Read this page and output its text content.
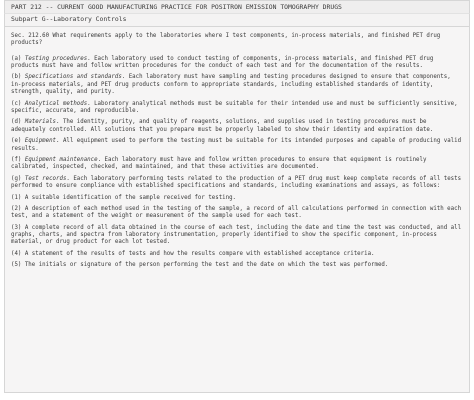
PART 212 -- CURRENT GOOD MANUFACTURING PRACTICE FOR POSITRON EMISSION TOMOGRAPHY DRUGS
Subpart G--Laboratory Controls

Sec. 212.60 What requirements apply to the laboratories where I test components, in-process materials, and finished PET drug products?

(a) Testing procedures. Each laboratory used to conduct testing of components, in-process materials, and finished PET drug products must have and follow written procedures for the conduct of each test and for the documentation of the results.

(b) Specifications and standards. Each laboratory must have sampling and testing procedures designed to ensure that components, in-process materials, and PET drug products conform to appropriate standards, including established standards of identity, strength, quality, and purity.

(c) Analytical methods. Laboratory analytical methods must be suitable for their intended use and must be sufficiently sensitive, specific, accurate, and reproducible.

(d) Materials. The identity, purity, and quality of reagents, solutions, and supplies used in testing procedures must be adequately controlled. All solutions that you prepare must be properly labeled to show their identity and expiration date.

(e) Equipment. All equipment used to perform the testing must be suitable for its intended purposes and capable of producing valid results.

(f) Equipment maintenance. Each laboratory must have and follow written procedures to ensure that equipment is routinely calibrated, inspected, checked, and maintained, and that these activities are documented.

(g) Test records. Each laboratory performing tests related to the production of a PET drug must keep complete records of all tests performed to ensure compliance with established specifications and standards, including examinations and assays, as follows:

(1) A suitable identification of the sample received for testing.

(2) A description of each method used in the testing of the sample, a record of all calculations performed in connection with each test, and a statement of the weight or measurement of the sample used for each test.

(3) A complete record of all data obtained in the course of each test, including the date and time the test was conducted, and all graphs, charts, and spectra from laboratory instrumentation, properly identified to show the specific component, in-process material, or drug product for each lot tested.

(4) A statement of the results of tests and how the results compare with established acceptance criteria.

(5) The initials or signature of the person performing the test and the date on which the test was performed.
